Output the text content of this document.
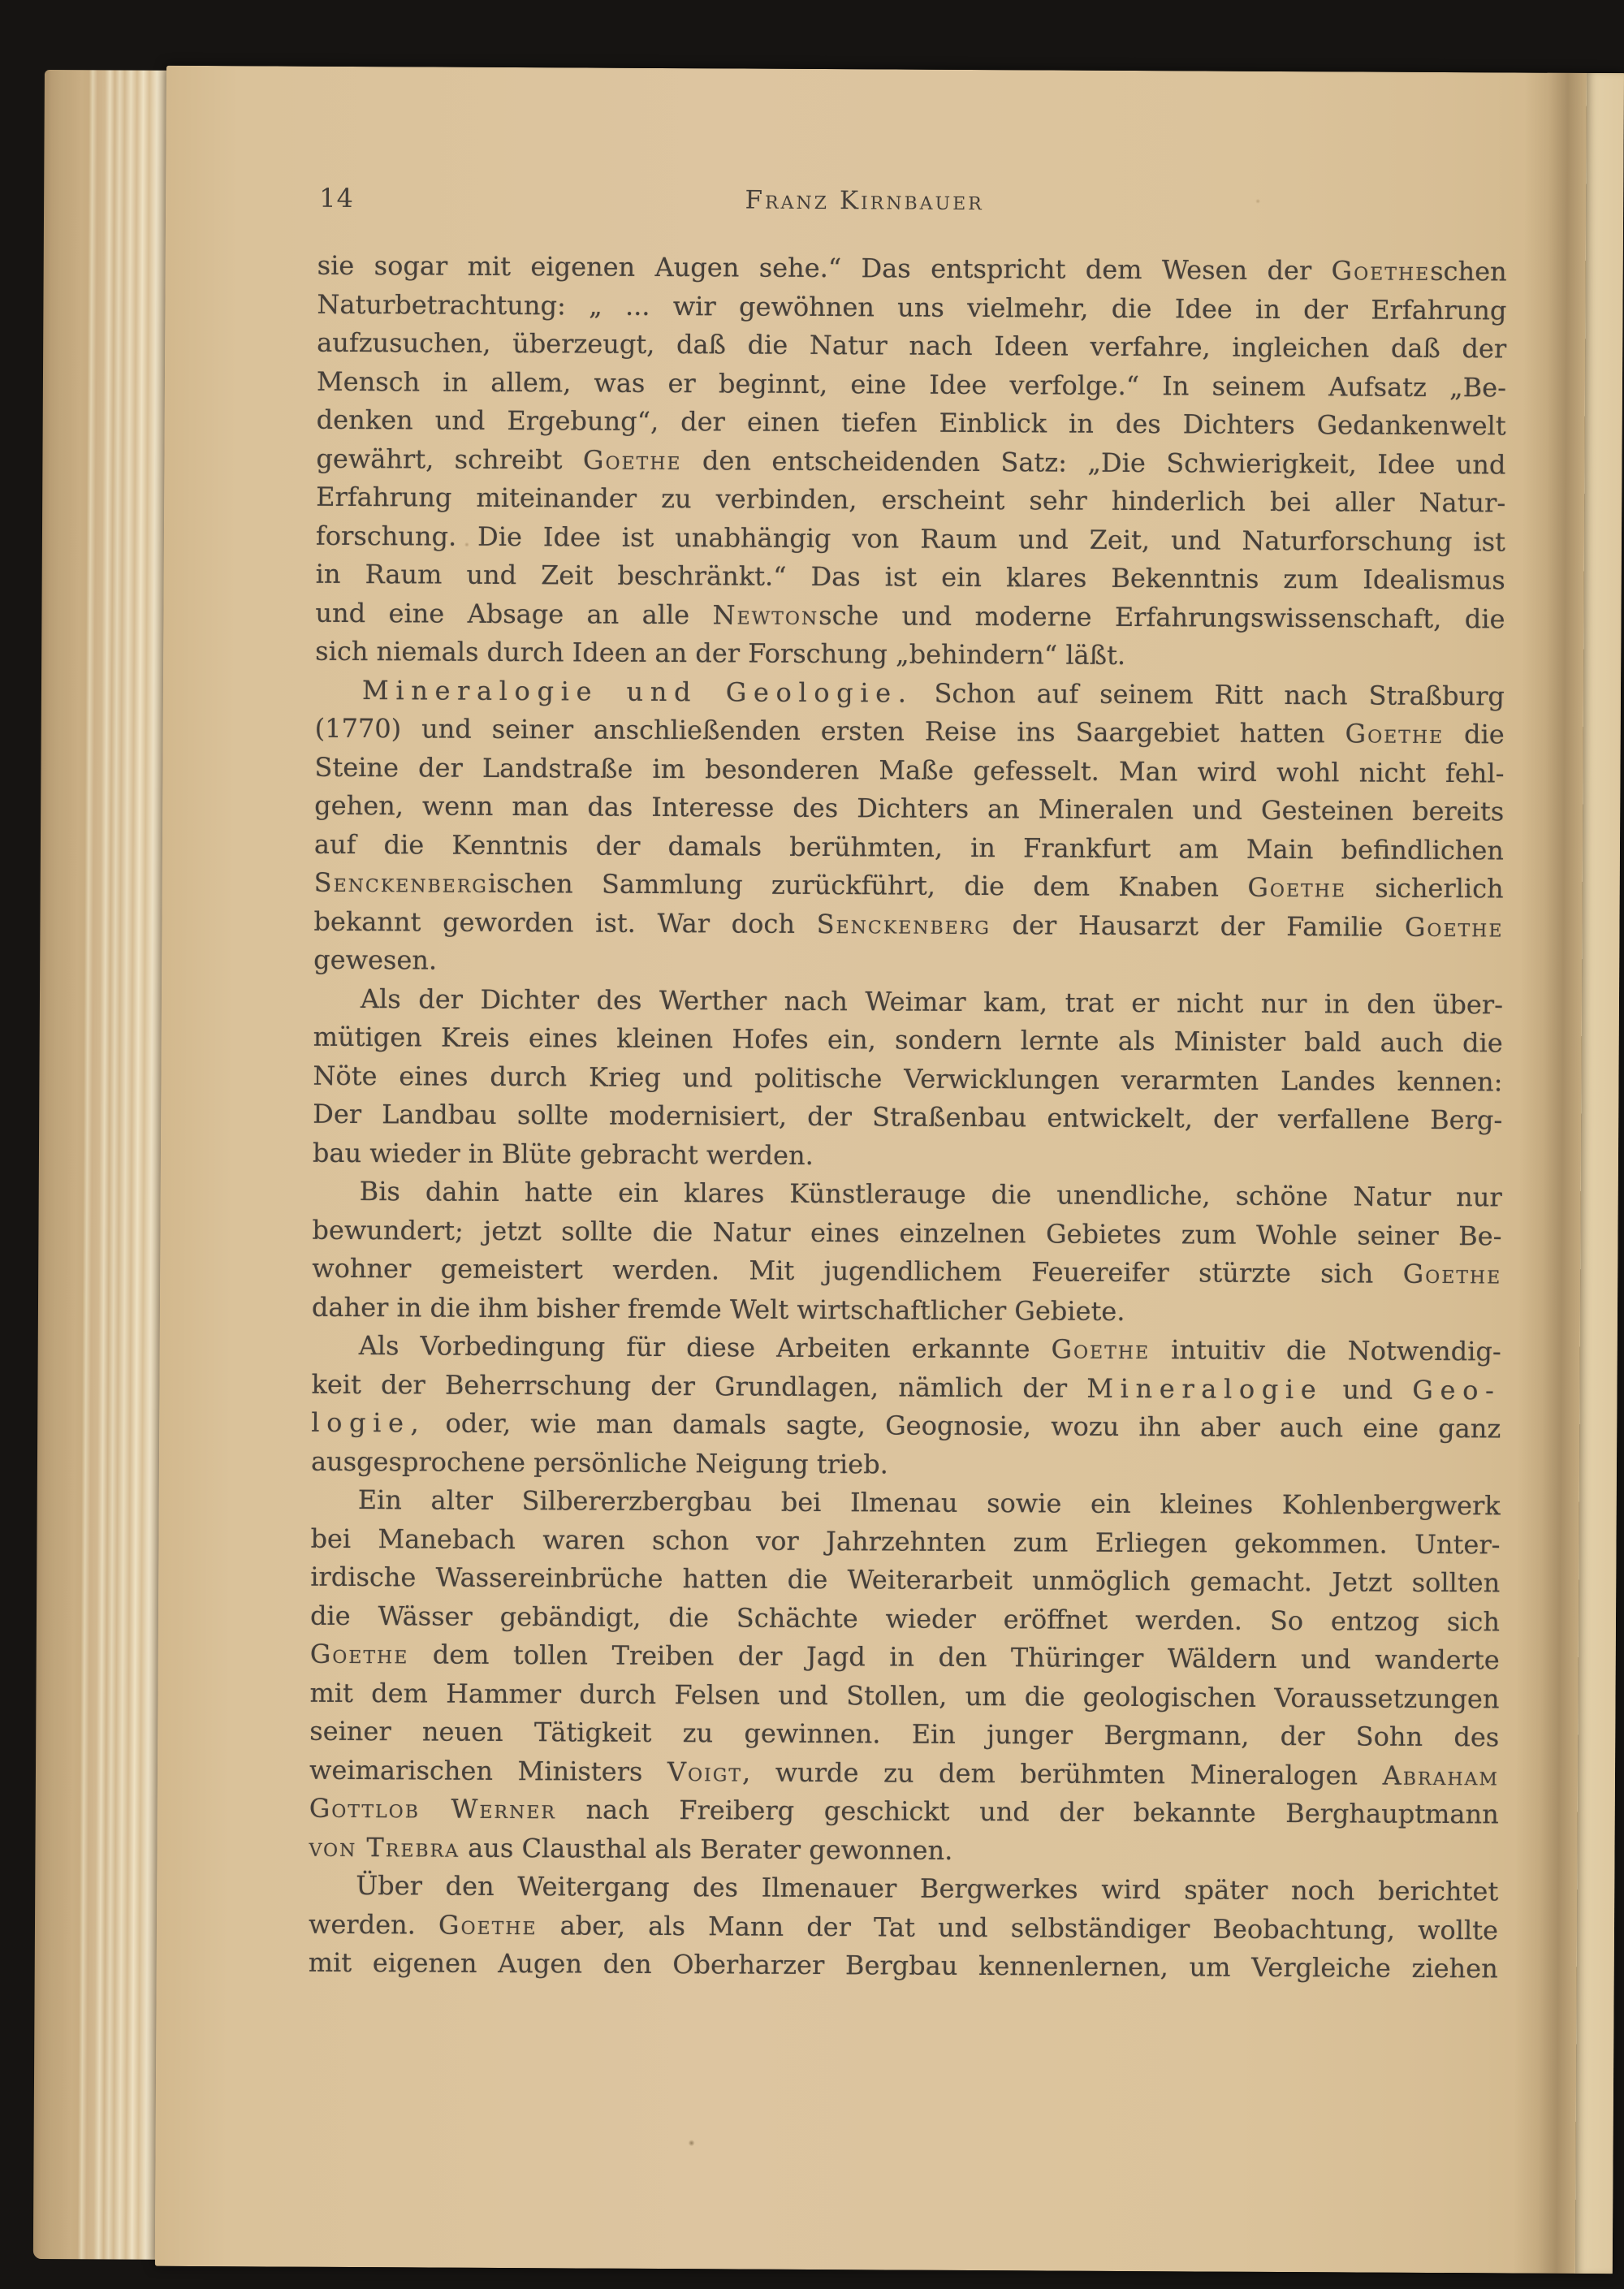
14	Franz Kirnbauer
sie sogar mit eigenen Augen sehe.“ Das entspricht dem Wesen der Goetheschen
Naturbetrachtung: „ ... wir gewöhnen uns vielmehr, die Idee in der Erfahrung
aufzusuchen, überzeugt, daß die Natur nach Ideen verfahre, ingleichen daß der
Mensch in allem, was er beginnt, eine Idee verfolge.“ In seinem Aufsatz „Be-
denken und Ergebung“, der einen tiefen Einblick in des Dichters Gedankenwelt
gewährt, schreibt Goethe den entscheidenden Satz: „Die Schwierigkeit, Idee und
Erfahrung miteinander zu verbinden, erscheint sehr hinderlich bei aller Natur-
forschung. Die Idee ist unabhängig von Raum und Zeit, und Naturforschung ist
in Raum und Zeit beschränkt.“ Das ist ein klares Bekenntnis zum Idealismus
und eine Absage an alle Newtonsche und moderne Erfahrungswissenschaft, die
sich niemals durch Ideen an der Forschung „behindern“ läßt.
Mineralogie und Geologie. Schon auf seinem Ritt nach Straßburg
(1770) und seiner anschließenden ersten Reise ins Saargebiet hatten Goethe die
Steine der Landstraße im besonderen Maße gefesselt. Man wird wohl nicht fehl-
gehen, wenn man das Interesse des Dichters an Mineralen und Gesteinen bereits
auf die Kenntnis der damals berühmten, in Frankfurt am Main befindlichen
Senckenbergischen Sammlung zurückführt, die dem Knaben Goethe sicherlich
bekannt geworden ist. War doch Senckenberg der Hausarzt der Familie Goethe
gewesen.
Als der Dichter des Werther nach Weimar kam, trat er nicht nur in den über-
mütigen Kreis eines kleinen Hofes ein, sondern lernte als Minister bald auch die
Nöte eines durch Krieg und politische Verwicklungen verarmten Landes kennen:
Der Landbau sollte modernisiert, der Straßenbau entwickelt, der verfallene Berg-
bau wieder in Blüte gebracht werden.
Bis dahin hatte ein klares Künstlerauge die unendliche, schöne Natur nur
bewundert; jetzt sollte die Natur eines einzelnen Gebietes zum Wohle seiner Be-
wohner gemeistert werden. Mit jugendlichem Feuereifer stürzte sich Goethe
daher in die ihm bisher fremde Welt wirtschaftlicher Gebiete.
Als Vorbedingung für diese Arbeiten erkannte Goethe intuitiv die Notwendig-
keit der Beherrschung der Grundlagen, nämlich der Mineralogie und Geo-
logie, oder, wie man damals sagte, Geognosie, wozu ihn aber auch eine ganz
ausgesprochene persönliche Neigung trieb.
Ein alter Silbererzbergbau bei Ilmenau sowie ein kleines Kohlenbergwerk
bei Manebach waren schon vor Jahrzehnten zum Erliegen gekommen. Unter-
irdische Wassereinbrüche hatten die Weiterarbeit unmöglich gemacht. Jetzt sollten
die Wässer gebändigt, die Schächte wieder eröffnet werden. So entzog sich
Goethe dem tollen Treiben der Jagd in den Thüringer Wäldern und wanderte
mit dem Hammer durch Felsen und Stollen, um die geologischen Voraussetzungen
seiner neuen Tätigkeit zu gewinnen. Ein junger Bergmann, der Sohn des
weimarischen Ministers Voigt, wurde zu dem berühmten Mineralogen Abraham
Gottlob Werner nach Freiberg geschickt und der bekannte Berghauptmann
von Trebra aus Clausthal als Berater gewonnen.
Über den Weitergang des Ilmenauer Bergwerkes wird später noch berichtet
werden. Goethe aber, als Mann der Tat und selbständiger Beobachtung, wollte
mit eigenen Augen den Oberharzer Bergbau kennenlernen, um Vergleiche ziehen
